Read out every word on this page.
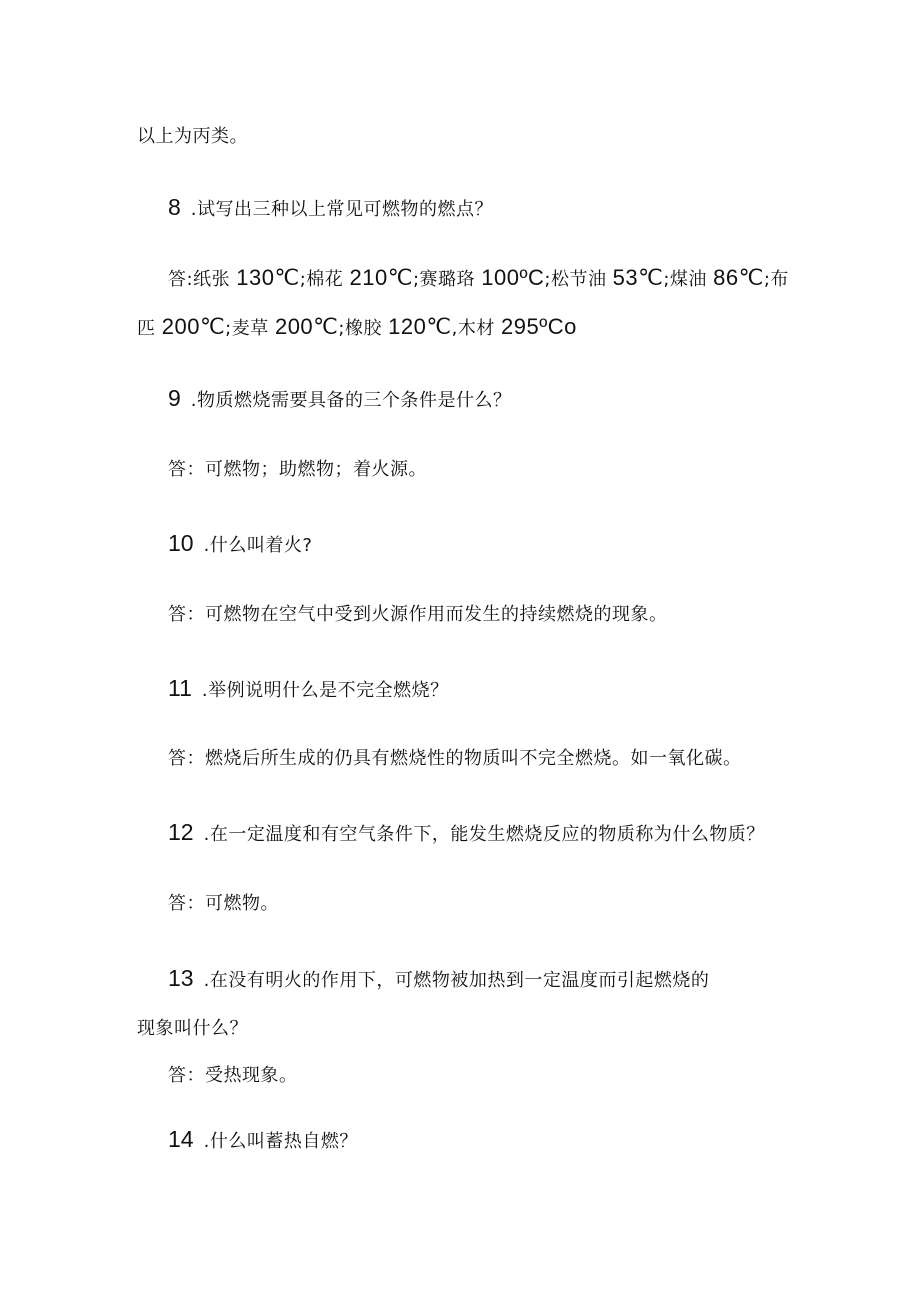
以上为丙类。
8 .试写出三种以上常见可燃物的燃点？
答:纸张 130℃;棉花 210℃;赛璐珞 100ºC;松节油 53℃;煤油 86℃;布
匹 200℃;麦草 200℃;橡胶 120℃,木材 295ºCo
9 .物质燃烧需要具备的三个条件是什么？
答：可燃物；助燃物；着火源。
10 .什么叫着火?
答：可燃物在空气中受到火源作用而发生的持续燃烧的现象。
11 .举例说明什么是不完全燃烧？
答：燃烧后所生成的仍具有燃烧性的物质叫不完全燃烧。如一氧化碳。
12 .在一定温度和有空气条件下，能发生燃烧反应的物质称为什么物质？
答：可燃物。
13 .在没有明火的作用下，可燃物被加热到一定温度而引起燃烧的
现象叫什么？
答：受热现象。
14 .什么叫蓄热自燃？
